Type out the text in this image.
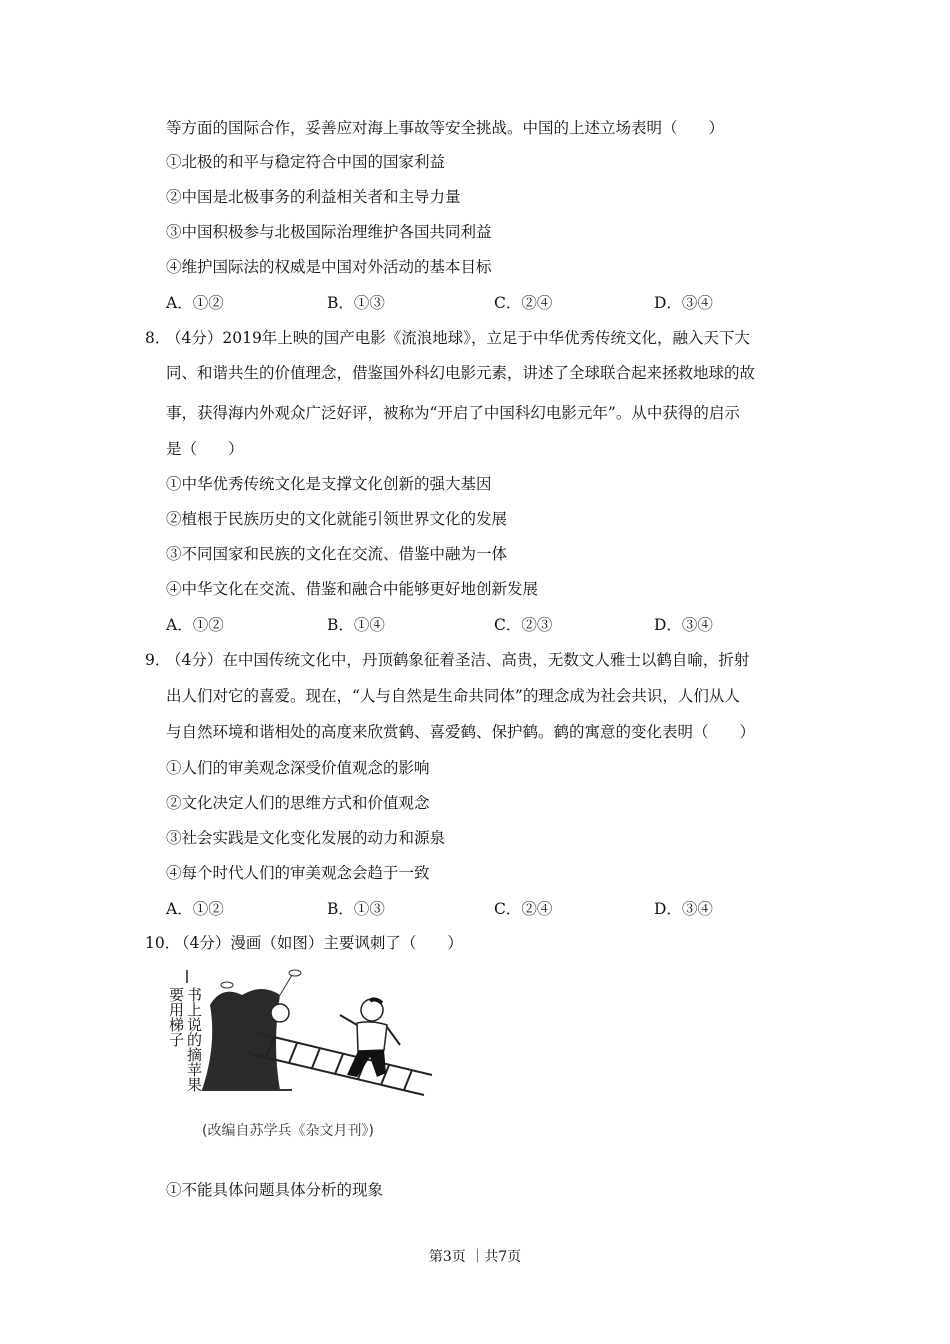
等方面的国际合作，妥善应对海上事故等安全挑战。中国的上述立场表明（　　）
①北极的和平与稳定符合中国的国家利益
②中国是北极事务的利益相关者和主导力量
③中国积极参与北极国际治理维护各国共同利益
④维护国际法的权威是中国对外活动的基本目标
A．①②	B．①③	C．②④	D．③④
8．
（4分）2019年上映的国产电影《流浪地球》，立足于中华优秀传统文化，融入天下大
同、和谐共生的价值理念，借鉴国外科幻电影元素，讲述了全球联合起来拯救地球的故
事，获得海内外观众广泛好评，被称为“开启了中国科幻电影元年”。从中获得的启示
是（　　）
①中华优秀传统文化是支撑文化创新的强大基因
②植根于民族历史的文化就能引领世界文化的发展
③不同国家和民族的文化在交流、借鉴中融为一体
④中华文化在交流、借鉴和融合中能够更好地创新发展
A．①②	B．①④	C．②③	D．③④
9．
（4分）在中国传统文化中，丹顶鹤象征着圣洁、高贵，无数文人雅士以鹤自喻，折射
出人们对它的喜爱。现在，“人与自然是生命共同体”的理念成为社会共识，人们从人
与自然环境和谐相处的高度来欣赏鹤、喜爱鹤、保护鹤。鹤的寓意的变化表明（　　）
①人们的审美观念深受价值观念的影响
②文化决定人们的思维方式和价值观念
③社会实践是文化变化发展的动力和源泉
④每个时代人们的审美观念会趋于一致
A．①②	B．①③	C．②④	D．③④
10．
（4分）漫画（如图）主要讽刺了（　　）
书上说的摘苹果
要用梯子
(改编自苏学兵《杂文月刊》)
①不能具体问题具体分析的现象
第3页 ｜共7页
